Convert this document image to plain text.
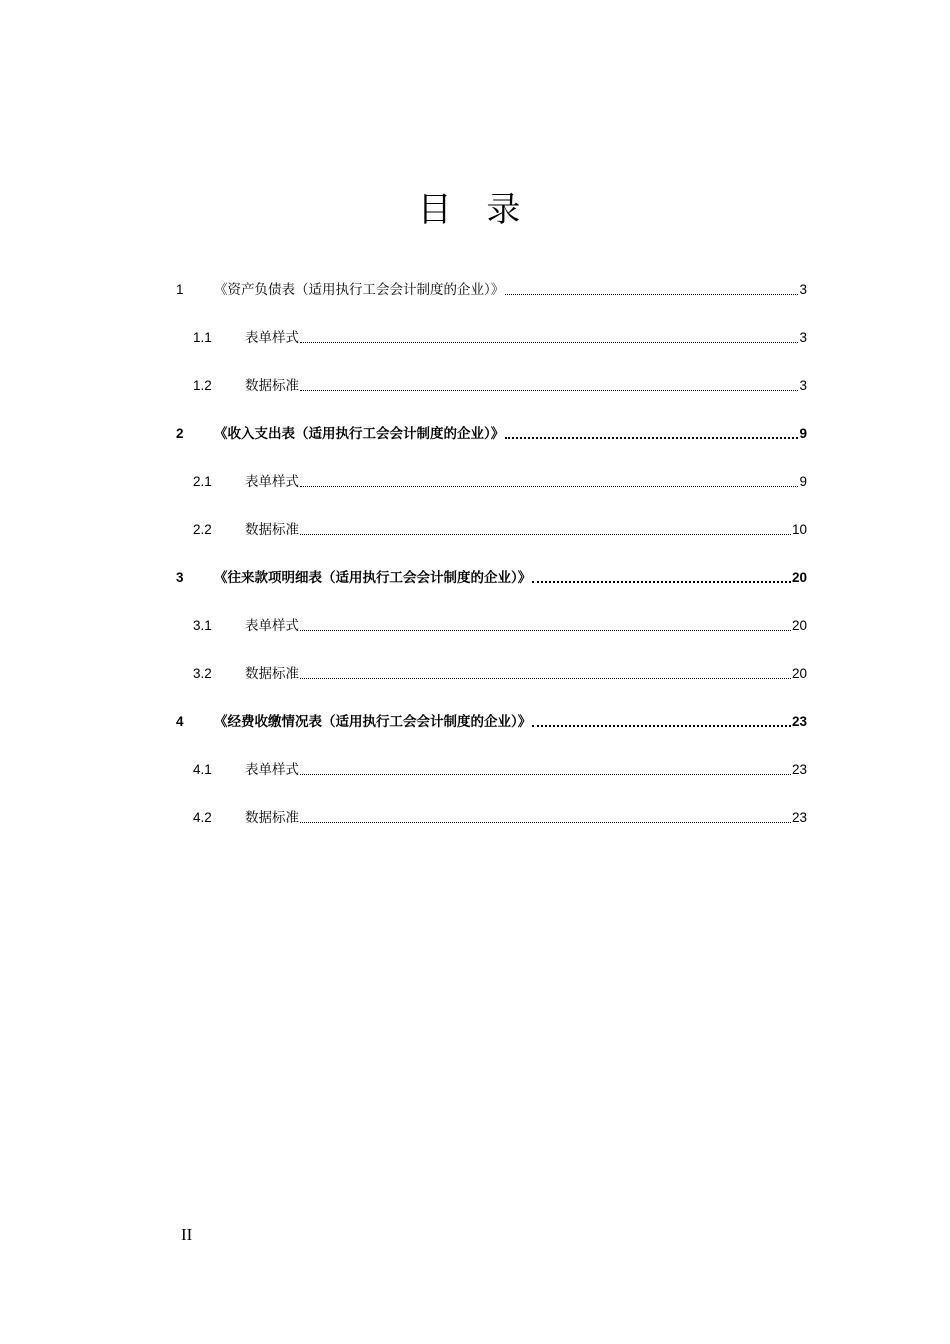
目 录
1	《资产负债表（适用执行工会会计制度的企业）》	3
1.1	表单样式	3
1.2	数据标准	3
2	《收入支出表（适用执行工会会计制度的企业）》	9
2.1	表单样式	9
2.2	数据标准	10
3	《往来款项明细表（适用执行工会会计制度的企业）》	20
3.1	表单样式	20
3.2	数据标准	20
4	《经费收缴情况表（适用执行工会会计制度的企业）》	23
4.1	表单样式	23
4.2	数据标准	23
II
